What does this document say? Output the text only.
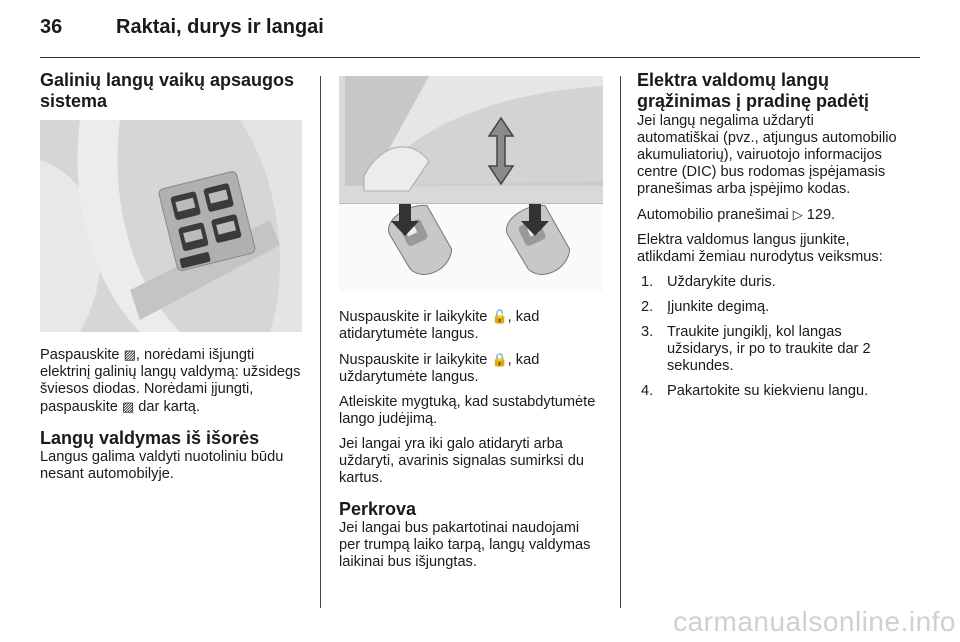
36	Raktai, durys ir langai
Galinių langų vaikų apsaugos sistema

Paspauskite ▨, norėdami išjungti elektrinį galinių langų valdymą: užsidegs šviesos diodas. Norėdami įjungti, paspauskite ▨ dar kartą.

Langų valdymas iš išorės

Langus galima valdyti nuotoliniu būdu nesant automobilyje.

Nuspauskite ir laikykite 🔓, kad atidarytumėte langus.

Nuspauskite ir laikykite 🔒, kad uždarytumėte langus.

Atleiskite mygtuką, kad sustabdytumėte lango judėjimą.

Jei langai yra iki galo atidaryti arba uždaryti, avarinis signalas sumirksi du kartus.

Perkrova

Jei langai bus pakartotinai naudojami per trumpą laiko tarpą, langų valdymas laikinai bus išjungtas.

Elektra valdomų langų grąžinimas į pradinę padėtį

Jei langų negalima uždaryti automatiškai (pvz., atjungus automobilio akumuliatorių), vairuotojo informacijos centre (DIC) bus rodomas įspėjamasis pranešimas arba įspėjimo kodas.

Automobilio pranešimai ▷ 129.

Elektra valdomus langus įjunkite, atlikdami žemiau nurodytus veiksmus:

1. Uždarykite duris.
2. Įjunkite degimą.
3. Traukite jungiklį, kol langas užsidarys, ir po to traukite dar 2 sekundes.
4. Pakartokite su kiekvienu langu.
carmanualsonline.info
